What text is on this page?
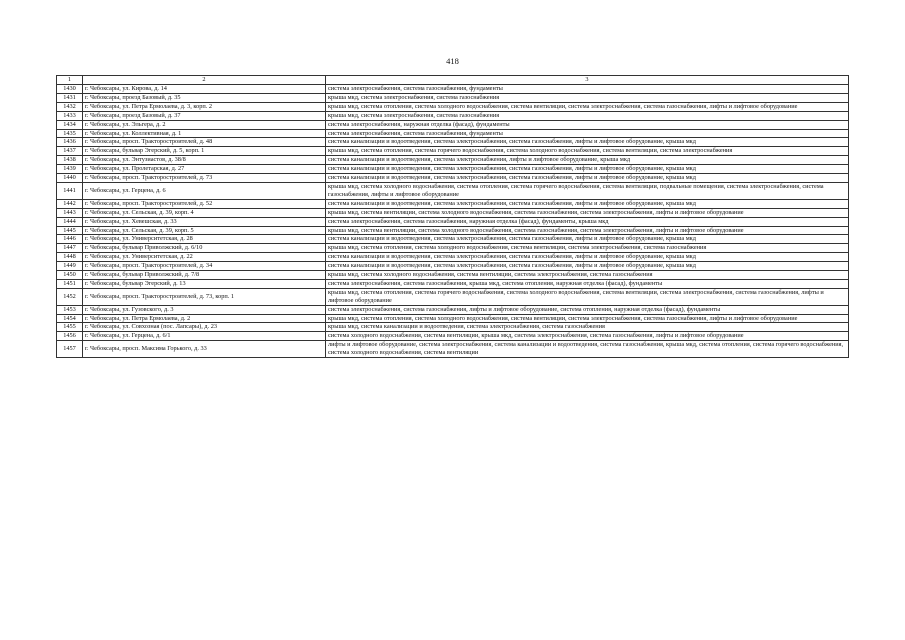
418
1	2	3
1430	г. Чебоксары, ул. Кирова, д. 14	система электроснабжения, система газоснабжения, фундаменты
1431	г. Чебоксары, проезд Базовый, д. 35	крыша мкд, система электроснабжения, система газоснабжения
1432	г. Чебоксары, ул. Петра Ермолаева, д. 3, корп. 2	крыша мкд, система отопления, система холодного водоснабжения, система вентиляции, система электроснабжения, система газоснабжения, лифты и лифтовое оборудование
1433	г. Чебоксары, проезд Базовый, д. 37	крыша мкд, система электроснабжения, система газоснабжения
1434	г. Чебоксары, ул. Эльгера, д. 2	система электроснабжения, наружная отделка (фасад), фундаменты
1435	г. Чебоксары, ул. Коллективная, д. 1	система электроснабжения, система газоснабжения, фундаменты
1436	г. Чебоксары, просп. Тракторостроителей, д. 48	система канализации и водоотведения, система электроснабжения, система газоснабжения, лифты и лифтовое оборудование, крыша мкд
1437	г. Чебоксары, бульвар Эгерский, д. 5, корп. 1	крыша мкд, система отопления, система горячего водоснабжения, система холодного водоснабжения, система вентиляции, система электроснабжения
1438	г. Чебоксары, ул. Энтузиастов, д. 38/8	система канализации и водоотведения, система электроснабжения, лифты и лифтовое оборудование, крыша мкд
1439	г. Чебоксары, ул. Пролетарская, д. 27	система канализации и водоотведения, система электроснабжения, система газоснабжения, лифты и лифтовое оборудование, крыша мкд
1440	г. Чебоксары, просп. Тракторостроителей, д. 73	система канализации и водоотведения, система электроснабжения, система газоснабжения, лифты и лифтовое оборудование, крыша мкд
1441	г. Чебоксары, ул. Герцена, д. 6	крыша мкд, система холодного водоснабжения, система отопления, система горячего водоснабжения, система вентиляции, подвальные помещения, система электроснабжения, система газоснабжения, лифты и лифтовое оборудование
1442	г. Чебоксары, просп. Тракторостроителей, д. 52	система канализации и водоотведения, система электроснабжения, система газоснабжения, лифты и лифтовое оборудование, крыша мкд
1443	г. Чебоксары, ул. Сельская, д. 39, корп. 4	крыша мкд, система вентиляции, система холодного водоснабжения, система газоснабжения, система электроснабжения, лифты и лифтовое оборудование
1444	г. Чебоксары, ул. Хевешская, д. 33	система электроснабжения, система газоснабжения, наружная отделка (фасад), фундаменты, крыша мкд
1445	г. Чебоксары, ул. Сельская, д. 39, корп. 5	крыша мкд, система вентиляции, система холодного водоснабжения, система газоснабжения, система электроснабжения, лифты и лифтовое оборудование
1446	г. Чебоксары, ул. Университетская, д. 28	система канализации и водоотведения, система электроснабжения, система газоснабжения, лифты и лифтовое оборудование, крыша мкд
1447	г. Чебоксары, бульвар Приволжский, д. 6/10	крыша мкд, система отопления, система холодного водоснабжения, система вентиляции, система электроснабжения, система газоснабжения
1448	г. Чебоксары, ул. Университетская, д. 22	система канализации и водоотведения, система электроснабжения, система газоснабжения, лифты и лифтовое оборудование, крыша мкд
1449	г. Чебоксары, просп. Тракторостроителей, д. 34	система канализации и водоотведения, система электроснабжения, система газоснабжения, лифты и лифтовое оборудование, крыша мкд
1450	г. Чебоксары, бульвар Приволжский, д. 7/8	крыша мкд, система холодного водоснабжения, система вентиляции, система электроснабжения, система газоснабжения
1451	г. Чебоксары, бульвар Эгерский, д. 13	система электроснабжения, система газоснабжения, крыша мкд, система отопления, наружная отделка (фасад), фундаменты
1452	г. Чебоксары, просп. Тракторостроителей, д. 73, корп. 1	крыша мкд, система отопления, система горячего водоснабжения, система холодного водоснабжения, система вентиляции, система электроснабжения, система газоснабжения, лифты и лифтовое оборудование
1453	г. Чебоксары, ул. Гузовского, д. 3	система электроснабжения, система газоснабжения, лифты и лифтовое оборудование, система отопления, наружная отделка (фасад), фундаменты
1454	г. Чебоксары, ул. Петра Ермолаева, д. 2	крыша мкд, система отопления, система холодного водоснабжения, система вентиляции, система электроснабжения, система газоснабжения, лифты и лифтовое оборудование
1455	г. Чебоксары, ул. Совхозная (пос. Лапсары), д. 23	крыша мкд, система канализации и водоотведения, система электроснабжения, система газоснабжения
1456	г. Чебоксары, ул. Герцена, д. 6/1	система холодного водоснабжения, система вентиляции, крыша мкд, система электроснабжения, система газоснабжения, лифты и лифтовое оборудование
1457	г. Чебоксары, просп. Максима Горького, д. 33	лифты и лифтовое оборудование, система электроснабжения, система канализации и водоотведения, система газоснабжения, крыша мкд, система отопления, система горячего водоснабжения, система холодного водоснабжения, система вентиляции
